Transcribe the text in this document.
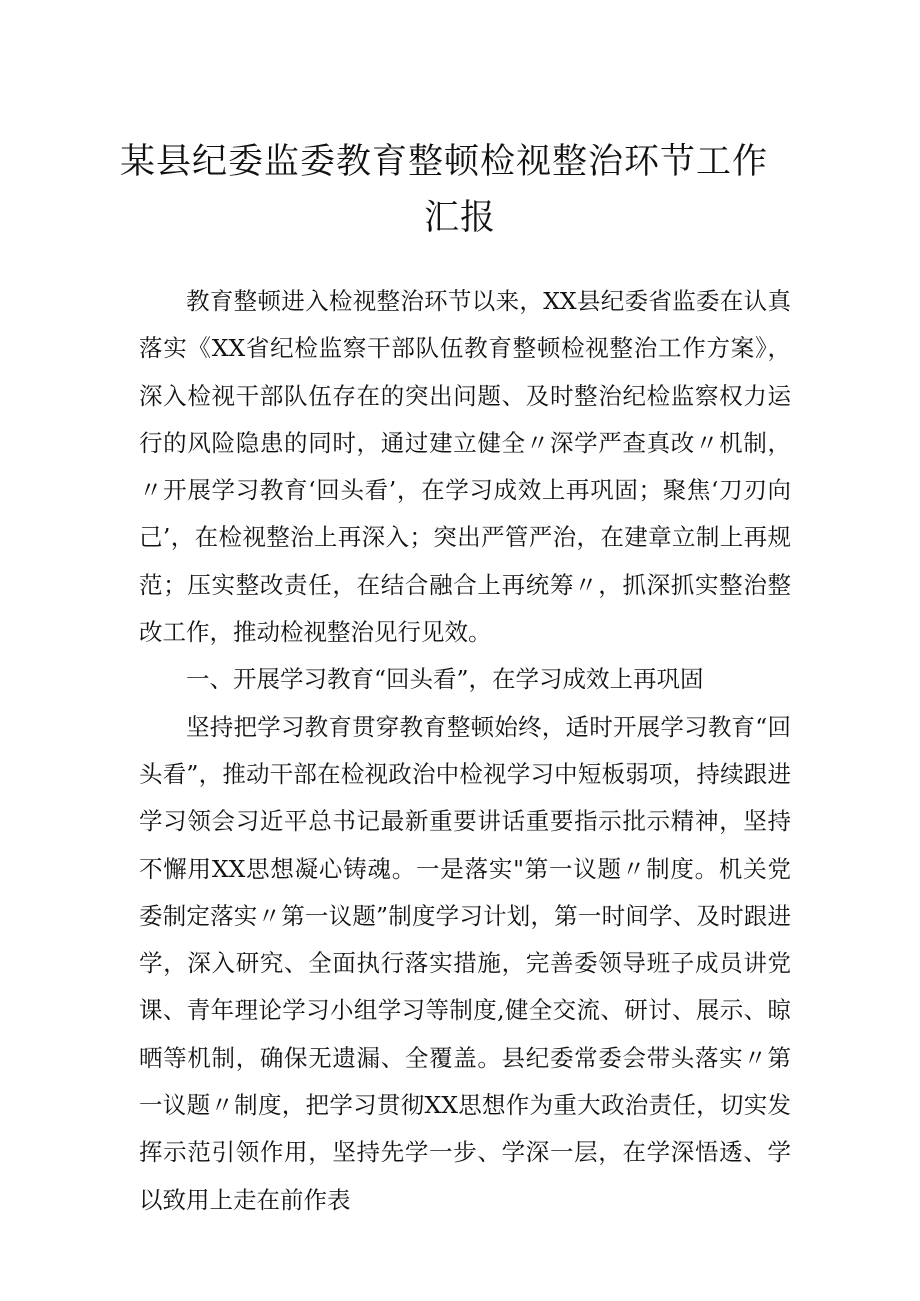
某县纪委监委教育整顿检视整治环节工作
汇报

教育整顿进入检视整治环节以来，XX县纪委省监委在认真落实《XX省纪检监察干部队伍教育整顿检视整治工作方案》，深入检视干部队伍存在的突出问题、及时整治纪检监察权力运行的风险隐患的同时，通过建立健全〃深学严查真改〃机制，〃开展学习教育‘回头看’，在学习成效上再巩固；聚焦‘刀刃向己’，在检视整治上再深入；突出严管严治，在建章立制上再规范；压实整改责任，在结合融合上再统筹〃，抓深抓实整治整改工作，推动检视整治见行见效。

一、开展学习教育“回头看”，在学习成效上再巩固

坚持把学习教育贯穿教育整顿始终，适时开展学习教育“回头看”，推动干部在检视政治中检视学习中短板弱项，持续跟进学习领会习近平总书记最新重要讲话重要指示批示精神，坚持不懈用XX思想凝心铸魂。一是落实"第一议题〃制度。机关党委制定落实〃第一议题”制度学习计划，第一时间学、及时跟进学，深入研究、全面执行落实措施，完善委领导班子成员讲党课、青年理论学习小组学习等制度,健全交流、研讨、展示、晾晒等机制，确保无遗漏、全覆盖。县纪委常委会带头落实〃第一议题〃制度，把学习贯彻XX思想作为重大政治责任，切实发挥示范引领作用，坚持先学一步、学深一层，在学深悟透、学以致用上走在前作表
